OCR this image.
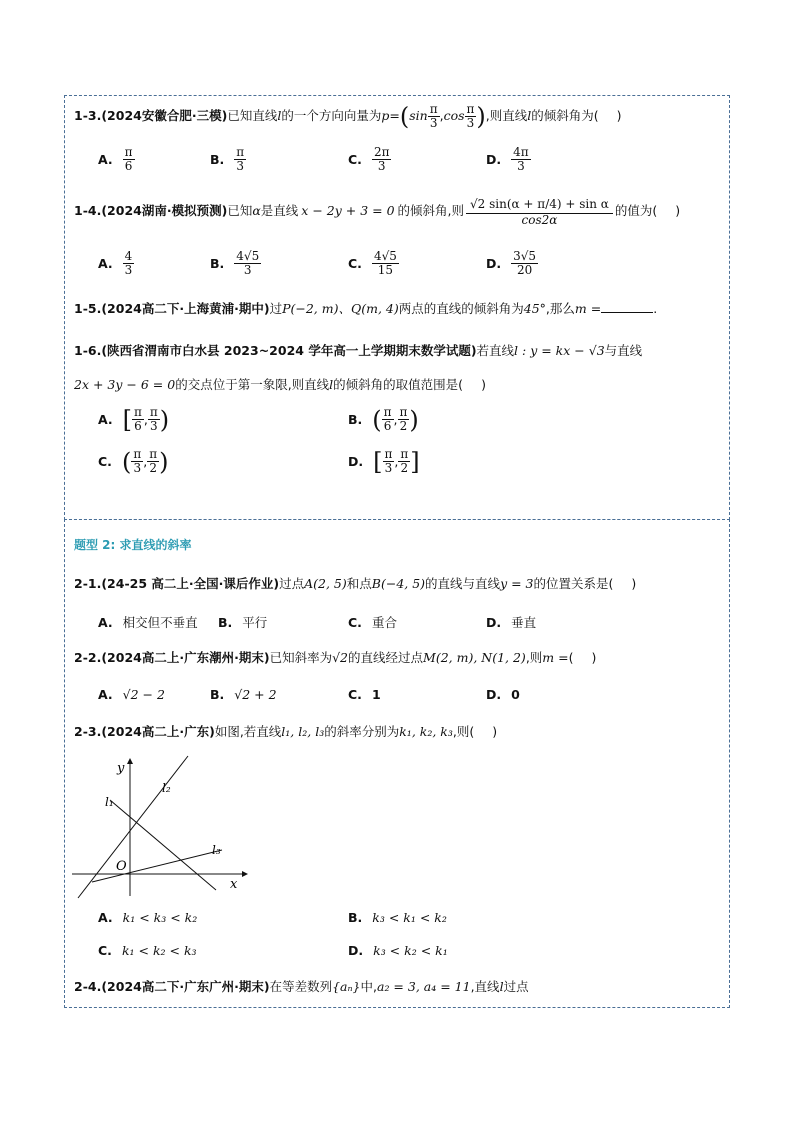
1-3.(2024安徽合肥·三模)已知直线l的一个方向向量为$p=(\sin \frac{\pi}{3} ,\cos \frac{\pi}{3}$ ),则直线l的倾斜角为( )
A. $\frac{\pi}{6}$	B. $\frac{\pi}{3}$	C. $\frac{2\pi}{3}$	D. $\frac{4\pi}{3}$
1-4.(2024湖南·模拟预测)已知α是直线 x − 2y + 3 = 0 的倾斜角,则 $\frac{\text{√2 sin(α + π/4) + sin α}}{\cos 2\alpha}$ 的值为( )
A. $\frac{4}{3}$	B. $\frac{4√5}{3}$	C. $\frac{4√5}{15}$	D. $\frac{3√5}{20}$
1-5.(2024高二下·上海黄浦·期中)过P(−2, m)、Q(m, 4)两点的直线的倾斜角为45°,那么m =	.
1-6.(陕西省渭南市白水县 2023~2024 学年高一上学期期末数学试题)若直线l : y = kx − √3与直线
2x + 3y − 6 = 0的交点位于第一象限,则直线l的倾斜角的取值范围是( )
A. [ $\frac{\pi}{6}$ , $\frac{\pi}{3}$ )	B. ( $\frac{\pi}{6}$ , $\frac{\pi}{2}$ )
C. ( $\frac{\pi}{3}$ , $\frac{\pi}{2}$ )	D. [ $\frac{\pi}{3}$ , $\frac{\pi}{2}$ ]
题型 2: 求直线的斜率
2-1.(24-25 高二上·全国·课后作业)过点A(2, 5)和点B(−4, 5)的直线与直线y = 3的位置关系是( )
A. 相交但不垂直 B. 平行	C. 重合	D. 垂直
2-2.(2024高二上·广东潮州·期末)已知斜率为√2的直线经过点M(2, m), N(1, 2),则m =( )
A. √2 − 2	B. √2 + 2	C. 1	D. 0
2-3.(2024高二上·广东)如图,若直线l₁, l₂, l₃的斜率分别为k₁, k₂, k₃,则( )
y
x
O
l₁
l₂
l₃
A. k₁ < k₃ < k₂	B. k₃ < k₁ < k₂
C. k₁ < k₂ < k₃	D. k₃ < k₂ < k₁
2-4.(2024高二下·广东广州·期末)在等差数列{aₙ}中,a₂ = 3, a₄ = 11,直线l过点
